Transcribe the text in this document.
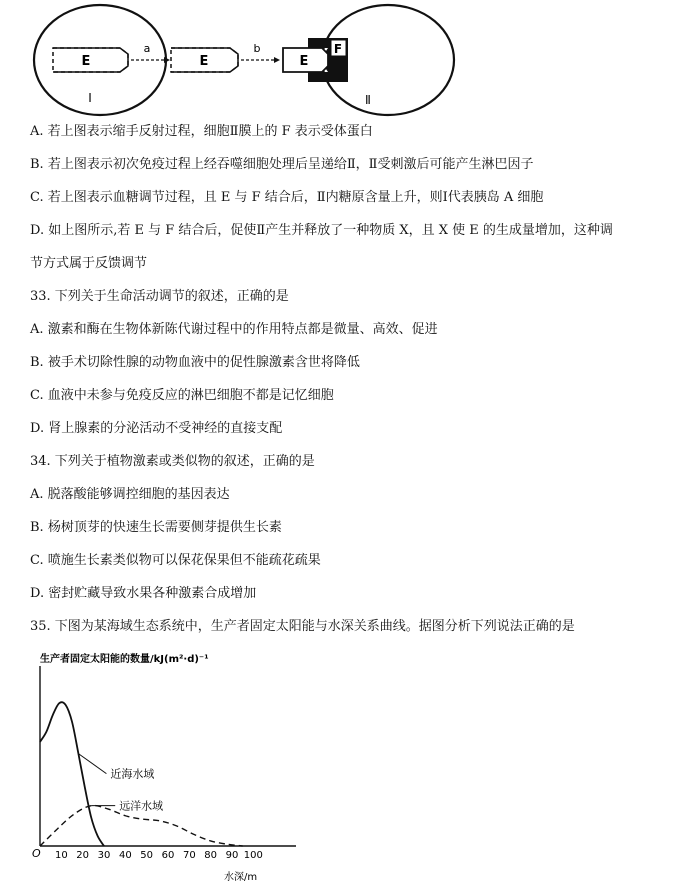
E
a
E
b	F
E
Ⅰ	Ⅱ
A. 若上图表示缩手反射过程，细胞Ⅱ膜上的 F 表示受体蛋白
B. 若上图表示初次免疫过程上经吞噬细胞处理后呈递给Ⅱ，Ⅱ受刺激后可能产生淋巴因子
C. 若上图表示血糖调节过程，且 E 与 F 结合后，Ⅱ内糖原含量上升，则Ⅰ代表胰岛 A 细胞
D. 如上图所示,若 E 与 F 结合后，促使Ⅱ产生并释放了一种物质 X，且 X 使 E 的生成量增加，这种调
节方式属于反馈调节
33. 下列关于生命活动调节的叙述，正确的是
A. 激素和酶在生物体新陈代谢过程中的作用特点都是微量、高效、促进
B. 被手术切除性腺的动物血液中的促性腺激素含世将降低
C. 血液中未参与免疫反应的淋巴细胞不都是记忆细胞
D. 肾上腺素的分泌活动不受神经的直接支配
34. 下列关于植物激素或类似物的叙述，正确的是
A. 脱落酸能够调控细胞的基因表达
B. 杨树顶芽的快速生长需要侧芽提供生长素
C. 喷施生长素类似物可以保花保果但不能疏花疏果
D. 密封贮藏导致水果各种激素合成增加
35. 下图为某海域生态系统中，生产者固定太阳能与水深关系曲线。据图分析下列说法正确的是
生产者固定太阳能的数量/kJ(m²·d)⁻¹
O 10 20 30 40 50 60 70 80 90 100
近海水域
远洋水域
水深/m
